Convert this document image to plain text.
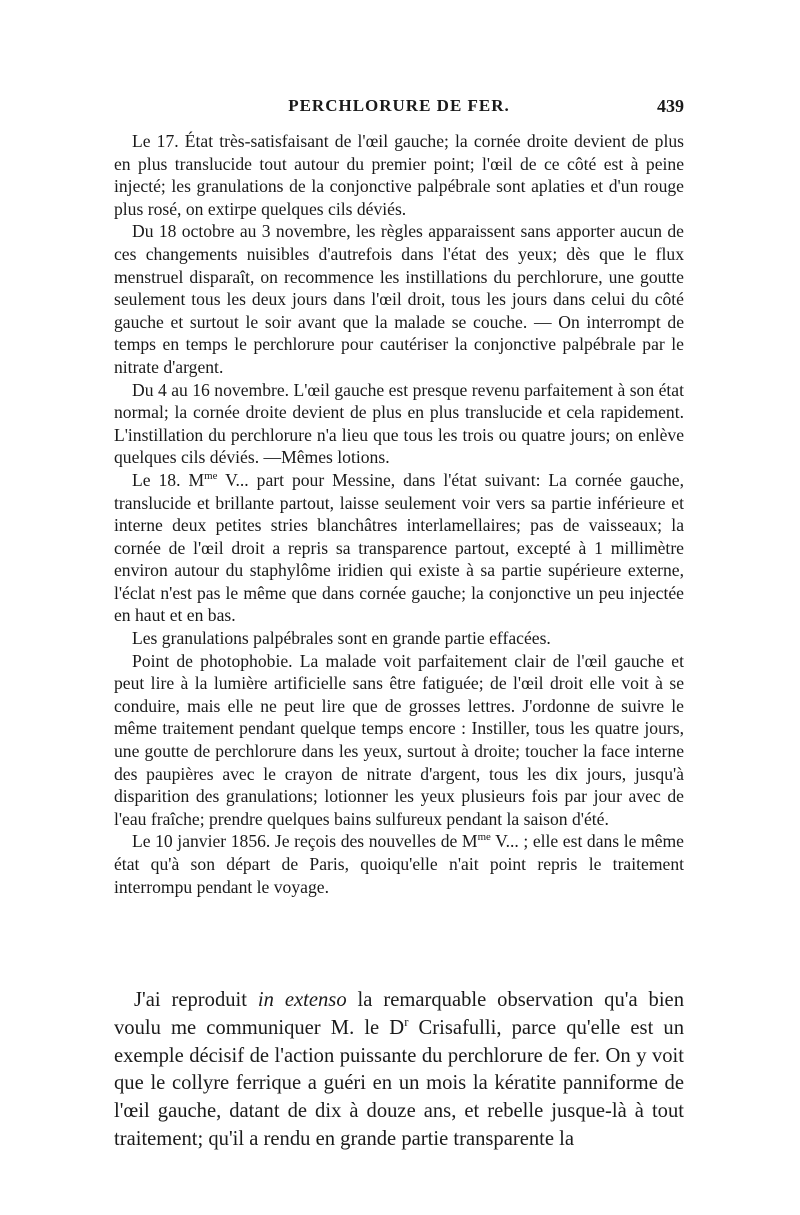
PERCHLORURE DE FER.	439

Le 17. État très-satisfaisant de l'œil gauche; la cornée droite devient de plus en plus translucide tout autour du premier point; l'œil de ce côté est à peine injecté; les granulations de la conjonctive palpébrale sont aplaties et d'un rouge plus rosé, on extirpe quelques cils déviés.

Du 18 octobre au 3 novembre, les règles apparaissent sans apporter aucun de ces changements nuisibles d'autrefois dans l'état des yeux; dès que le flux menstruel disparaît, on recommence les instillations du perchlorure, une goutte seulement tous les deux jours dans l'œil droit, tous les jours dans celui du côté gauche et surtout le soir avant que la malade se couche. — On interrompt de temps en temps le perchlorure pour cautériser la conjonctive palpébrale par le nitrate d'argent.

Du 4 au 16 novembre. L'œil gauche est presque revenu parfaitement à son état normal; la cornée droite devient de plus en plus translucide et cela rapidement. L'instillation du perchlorure n'a lieu que tous les trois ou quatre jours; on enlève quelques cils déviés. —Mêmes lotions.

Le 18. $M^{me}$ V... part pour Messine, dans l'état suivant: La cornée gauche, translucide et brillante partout, laisse seulement voir vers sa partie inférieure et interne deux petites stries blanchâtres interlamellaires; pas de vaisseaux; la cornée de l'œil droit a repris sa transparence partout, excepté à 1 millimètre environ autour du staphylôme iridien qui existe à sa partie supérieure externe, l'éclat n'est pas le même que dans cornée gauche; la conjonctive un peu injectée en haut et en bas.

Les granulations palpébrales sont en grande partie effacées.

Point de photophobie. La malade voit parfaitement clair de l'œil gauche et peut lire à la lumière artificielle sans être fatiguée; de l'œil droit elle voit à se conduire, mais elle ne peut lire que de grosses lettres. J'ordonne de suivre le même traitement pendant quelque temps encore : Instiller, tous les quatre jours, une goutte de perchlorure dans les yeux, surtout à droite; toucher la face interne des paupières avec le crayon de nitrate d'argent, tous les dix jours, jusqu'à disparition des granulations; lotionner les yeux plusieurs fois par jour avec de l'eau fraîche; prendre quelques bains sulfureux pendant la saison d'été.

Le 10 janvier 1856. Je reçois des nouvelles de $M^{me}$ V... ; elle est dans le même état qu'à son départ de Paris, quoiqu'elle n'ait point repris le traitement interrompu pendant le voyage.

J'ai reproduit in extenso la remarquable observation qu'a bien voulu me communiquer M. le $D^r$ Crisafulli, parce qu'elle est un exemple décisif de l'action puissante du perchlorure de fer. On y voit que le collyre ferrique a guéri en un mois la kératite panniforme de l'œil gauche, datant de dix à douze ans, et rebelle jusque-là à tout traitement; qu'il a rendu en grande partie transparente la
